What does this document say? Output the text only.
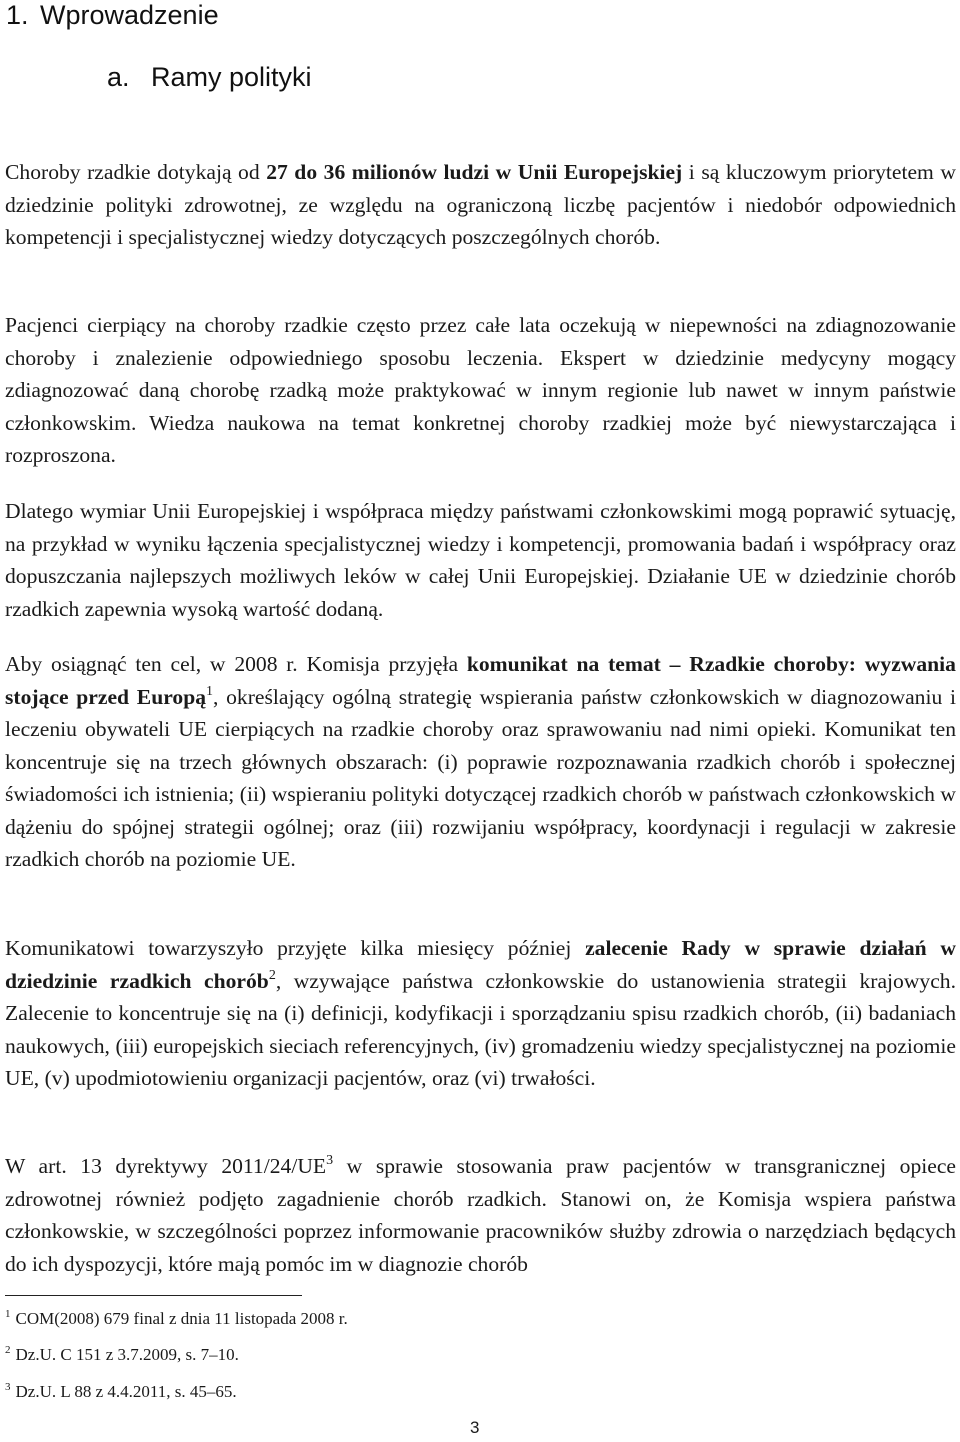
1. Wprowadzenie
a. Ramy polityki

Choroby rzadkie dotykają od 27 do 36 milionów ludzi w Unii Europejskiej i są kluczowym priorytetem w dziedzinie polityki zdrowotnej, ze względu na ograniczoną liczbę pacjentów i niedobór odpowiednich kompetencji i specjalistycznej wiedzy dotyczących poszczególnych chorób.

Pacjenci cierpiący na choroby rzadkie często przez całe lata oczekują w niepewności na zdiagnozowanie choroby i znalezienie odpowiedniego sposobu leczenia. Ekspert w dziedzinie medycyny mogący zdiagnozować daną chorobę rzadką może praktykować w innym regionie lub nawet w innym państwie członkowskim. Wiedza naukowa na temat konkretnej choroby rzadkiej może być niewystarczająca i rozproszona.

Dlatego wymiar Unii Europejskiej i współpraca między państwami członkowskimi mogą poprawić sytuację, na przykład w wyniku łączenia specjalistycznej wiedzy i kompetencji, promowania badań i współpracy oraz dopuszczania najlepszych możliwych leków w całej Unii Europejskiej. Działanie UE w dziedzinie chorób rzadkich zapewnia wysoką wartość dodaną.

Aby osiągnąć ten cel, w 2008 r. Komisja przyjęła komunikat na temat – Rzadkie choroby: wyzwania stojące przed Europą$^1$, określający ogólną strategię wspierania państw członkowskich w diagnozowaniu i leczeniu obywateli UE cierpiących na rzadkie choroby oraz sprawowaniu nad nimi opieki. Komunikat ten koncentruje się na trzech głównych obszarach: (i) poprawie rozpoznawania rzadkich chorób i społecznej świadomości ich istnienia; (ii) wspieraniu polityki dotyczącej rzadkich chorób w państwach członkowskich w dążeniu do spójnej strategii ogólnej; oraz (iii) rozwijaniu współpracy, koordynacji i regulacji w zakresie rzadkich chorób na poziomie UE.

Komunikatowi towarzyszyło przyjęte kilka miesięcy później zalecenie Rady w sprawie działań w dziedzinie rzadkich chorób$^2$, wzywające państwa członkowskie do ustanowienia strategii krajowych. Zalecenie to koncentruje się na (i) definicji, kodyfikacji i sporządzaniu spisu rzadkich chorób, (ii) badaniach naukowych, (iii) europejskich sieciach referencyjnych, (iv) gromadzeniu wiedzy specjalistycznej na poziomie UE, (v) upodmiotowieniu organizacji pacjentów, oraz (vi) trwałości.

W art. 13 dyrektywy $2011/24/UE^3$ w sprawie stosowania praw pacjentów w transgranicznej opiece zdrowotnej również podjęto zagadnienie chorób rzadkich. Stanowi on, że Komisja wspiera państwa członkowskie, w szczególności poprzez informowanie pracowników służby zdrowia o narzędziach będących do ich dyspozycji, które mają pomóc im w diagnozie chorób

$^1$ COM(2008) 679 final z dnia 11 listopada 2008 r.
$^2$ Dz.U. C 151 z 3.7.2009, s. 7–10.
$^3$ Dz.U. L 88 z 4.4.2011, s. 45–65.
3
